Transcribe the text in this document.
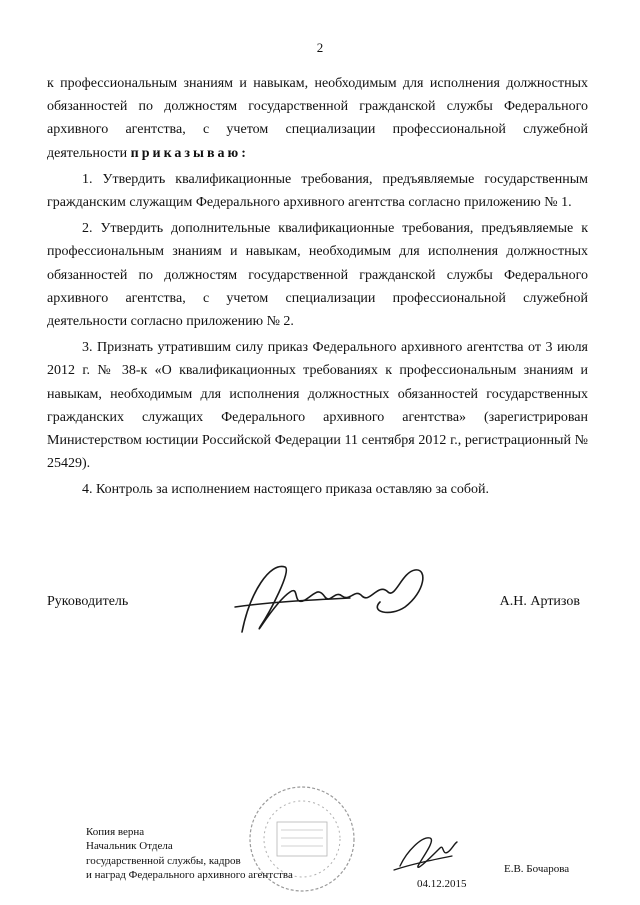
2

к профессиональным знаниям и навыкам, необходимым для исполнения должностных обязанностей по должностям государственной гражданской службы Федерального архивного агентства, с учетом специализации профессиональной служебной деятельности приказываю:

1. Утвердить квалификационные требования, предъявляемые государственным гражданским служащим Федерального архивного агентства согласно приложению № 1.

2. Утвердить дополнительные квалификационные требования, предъявляемые к профессиональным знаниям и навыкам, необходимым для исполнения должностных обязанностей по должностям государственной гражданской службы Федерального архивного агентства, с учетом специализации профессиональной служебной деятельности согласно приложению № 2.

3. Признать утратившим силу приказ Федерального архивного агентства от 3 июля 2012 г. № 38-к «О квалификационных требованиях к профессиональным знаниям и навыкам, необходимым для исполнения должностных обязанностей государственных гражданских служащих Федерального архивного агентства» (зарегистрирован Министерством юстиции Российской Федерации 11 сентября 2012 г., регистрационный № 25429).

4. Контроль за исполнением настоящего приказа оставляю за собой.

Руководитель	А.Н. Артизов
Копия верна
Начальник Отдела
государственной службы, кадров
и наград Федерального архивного агентства
04.12.2015
Е.В. Бочарова
